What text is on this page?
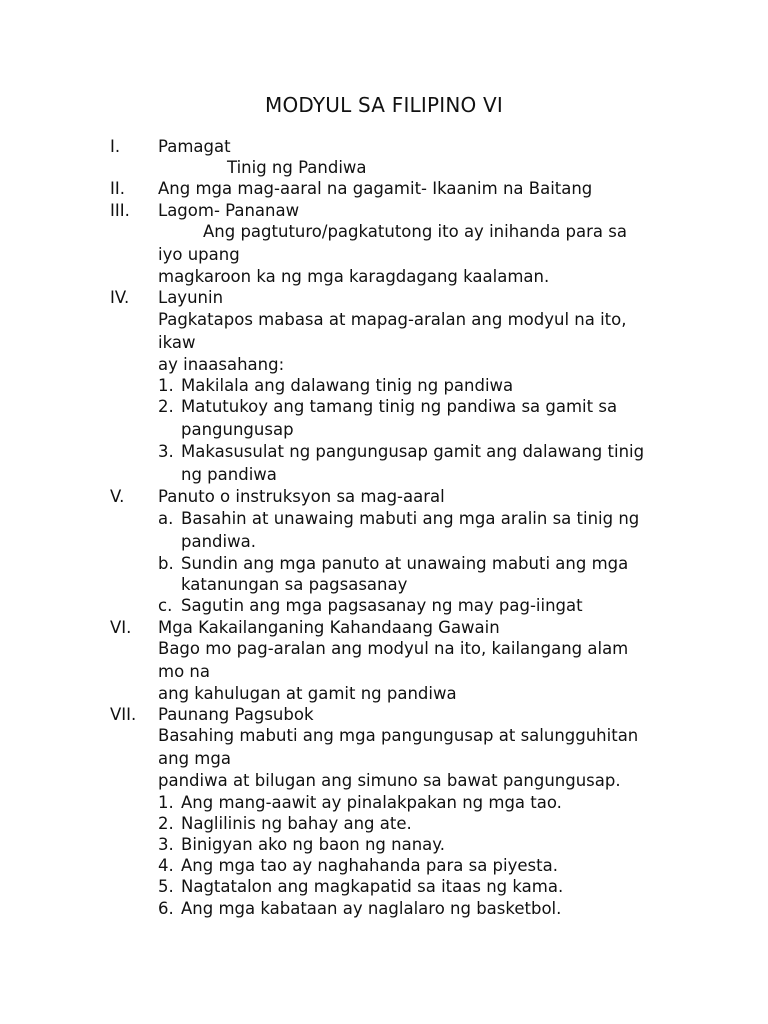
MODYUL SA FILIPINO VI
I. Pamagat
Tinig ng Pandiwa
II. Ang mga mag-aaral na gagamit- Ikaanim na Baitang
III. Lagom- Pananaw
Ang pagtuturo/pagkatutong ito ay inihanda para sa
iyo upang
magkaroon ka ng mga karagdagang kaalaman.
IV. Layunin
Pagkatapos mabasa at mapag-aralan ang modyul na ito,
ikaw
ay inaasahang:
1. Makilala ang dalawang tinig ng pandiwa
2. Matutukoy ang tamang tinig ng pandiwa sa gamit sa
pangungusap
3. Makasusulat ng pangungusap gamit ang dalawang tinig
ng pandiwa
V. Panuto o instruksyon sa mag-aaral
a. Basahin at unawaing mabuti ang mga aralin sa tinig ng
pandiwa.
b. Sundin ang mga panuto at unawaing mabuti ang mga
katanungan sa pagsasanay
c. Sagutin ang mga pagsasanay ng may pag-iingat
VI. Mga Kakailanganing Kahandaang Gawain
Bago mo pag-aralan ang modyul na ito, kailangang alam
mo na
ang kahulugan at gamit ng pandiwa
VII. Paunang Pagsubok
Basahing mabuti ang mga pangungusap at salungguhitan
ang mga
pandiwa at bilugan ang simuno sa bawat pangungusap.
1. Ang mang-aawit ay pinalakpakan ng mga tao.
2. Naglilinis ng bahay ang ate.
3. Binigyan ako ng baon ng nanay.
4. Ang mga tao ay naghahanda para sa piyesta.
5. Nagtatalon ang magkapatid sa itaas ng kama.
6. Ang mga kabataan ay naglalaro ng basketbol.
